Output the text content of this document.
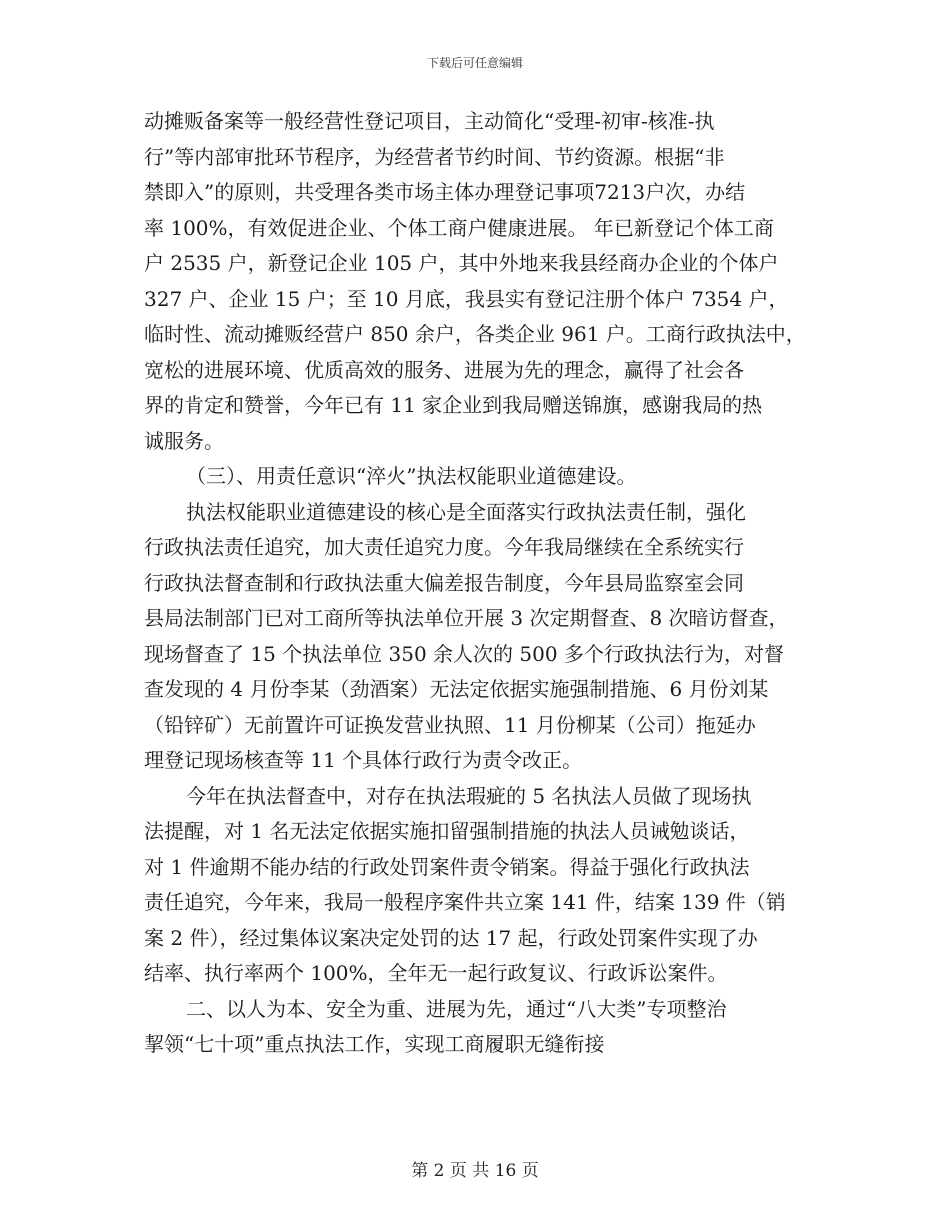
下载后可任意编辑
动摊贩备案等一般经营性登记项目，主动简化“受理-初审-核准-执
行”等内部审批环节程序，为经营者节约时间、节约资源。根据“非
禁即入”的原则，共受理各类市场主体办理登记事项7213户次，办结
率 100%，有效促进企业、个体工商户健康进展。 年已新登记个体工商
户 2535 户，新登记企业 105 户，其中外地来我县经商办企业的个体户
327 户、企业 15 户；至 10 月底，我县实有登记注册个体户 7354 户，
临时性、流动摊贩经营户 850 余户，各类企业 961 户。工商行政执法中，
宽松的进展环境、优质高效的服务、进展为先的理念，赢得了社会各
界的肯定和赞誉，今年已有 11 家企业到我局赠送锦旗，感谢我局的热
诚服务。
（三）、用责任意识“淬火”执法权能职业道德建设。
执法权能职业道德建设的核心是全面落实行政执法责任制，强化
行政执法责任追究，加大责任追究力度。今年我局继续在全系统实行
行政执法督查制和行政执法重大偏差报告制度，今年县局监察室会同
县局法制部门已对工商所等执法单位开展 3 次定期督查、8 次暗访督查，
现场督查了 15 个执法单位 350 余人次的 500 多个行政执法行为，对督
查发现的 4 月份李某（劲酒案）无法定依据实施强制措施、6 月份刘某
（铅锌矿）无前置许可证换发营业执照、11 月份柳某（公司）拖延办
理登记现场核查等 11 个具体行政行为责令改正。
今年在执法督查中，对存在执法瑕疵的 5 名执法人员做了现场执
法提醒，对 1 名无法定依据实施扣留强制措施的执法人员诫勉谈话，
对 1 件逾期不能办结的行政处罚案件责令销案。得益于强化行政执法
责任追究，今年来，我局一般程序案件共立案 141 件，结案 139 件（销
案 2 件），经过集体议案决定处罚的达 17 起，行政处罚案件实现了办
结率、执行率两个 100%，全年无一起行政复议、行政诉讼案件。
二、以人为本、安全为重、进展为先，通过“八大类”专项整治
挈领“七十项”重点执法工作，实现工商履职无缝衔接
第 2 页 共 16 页
